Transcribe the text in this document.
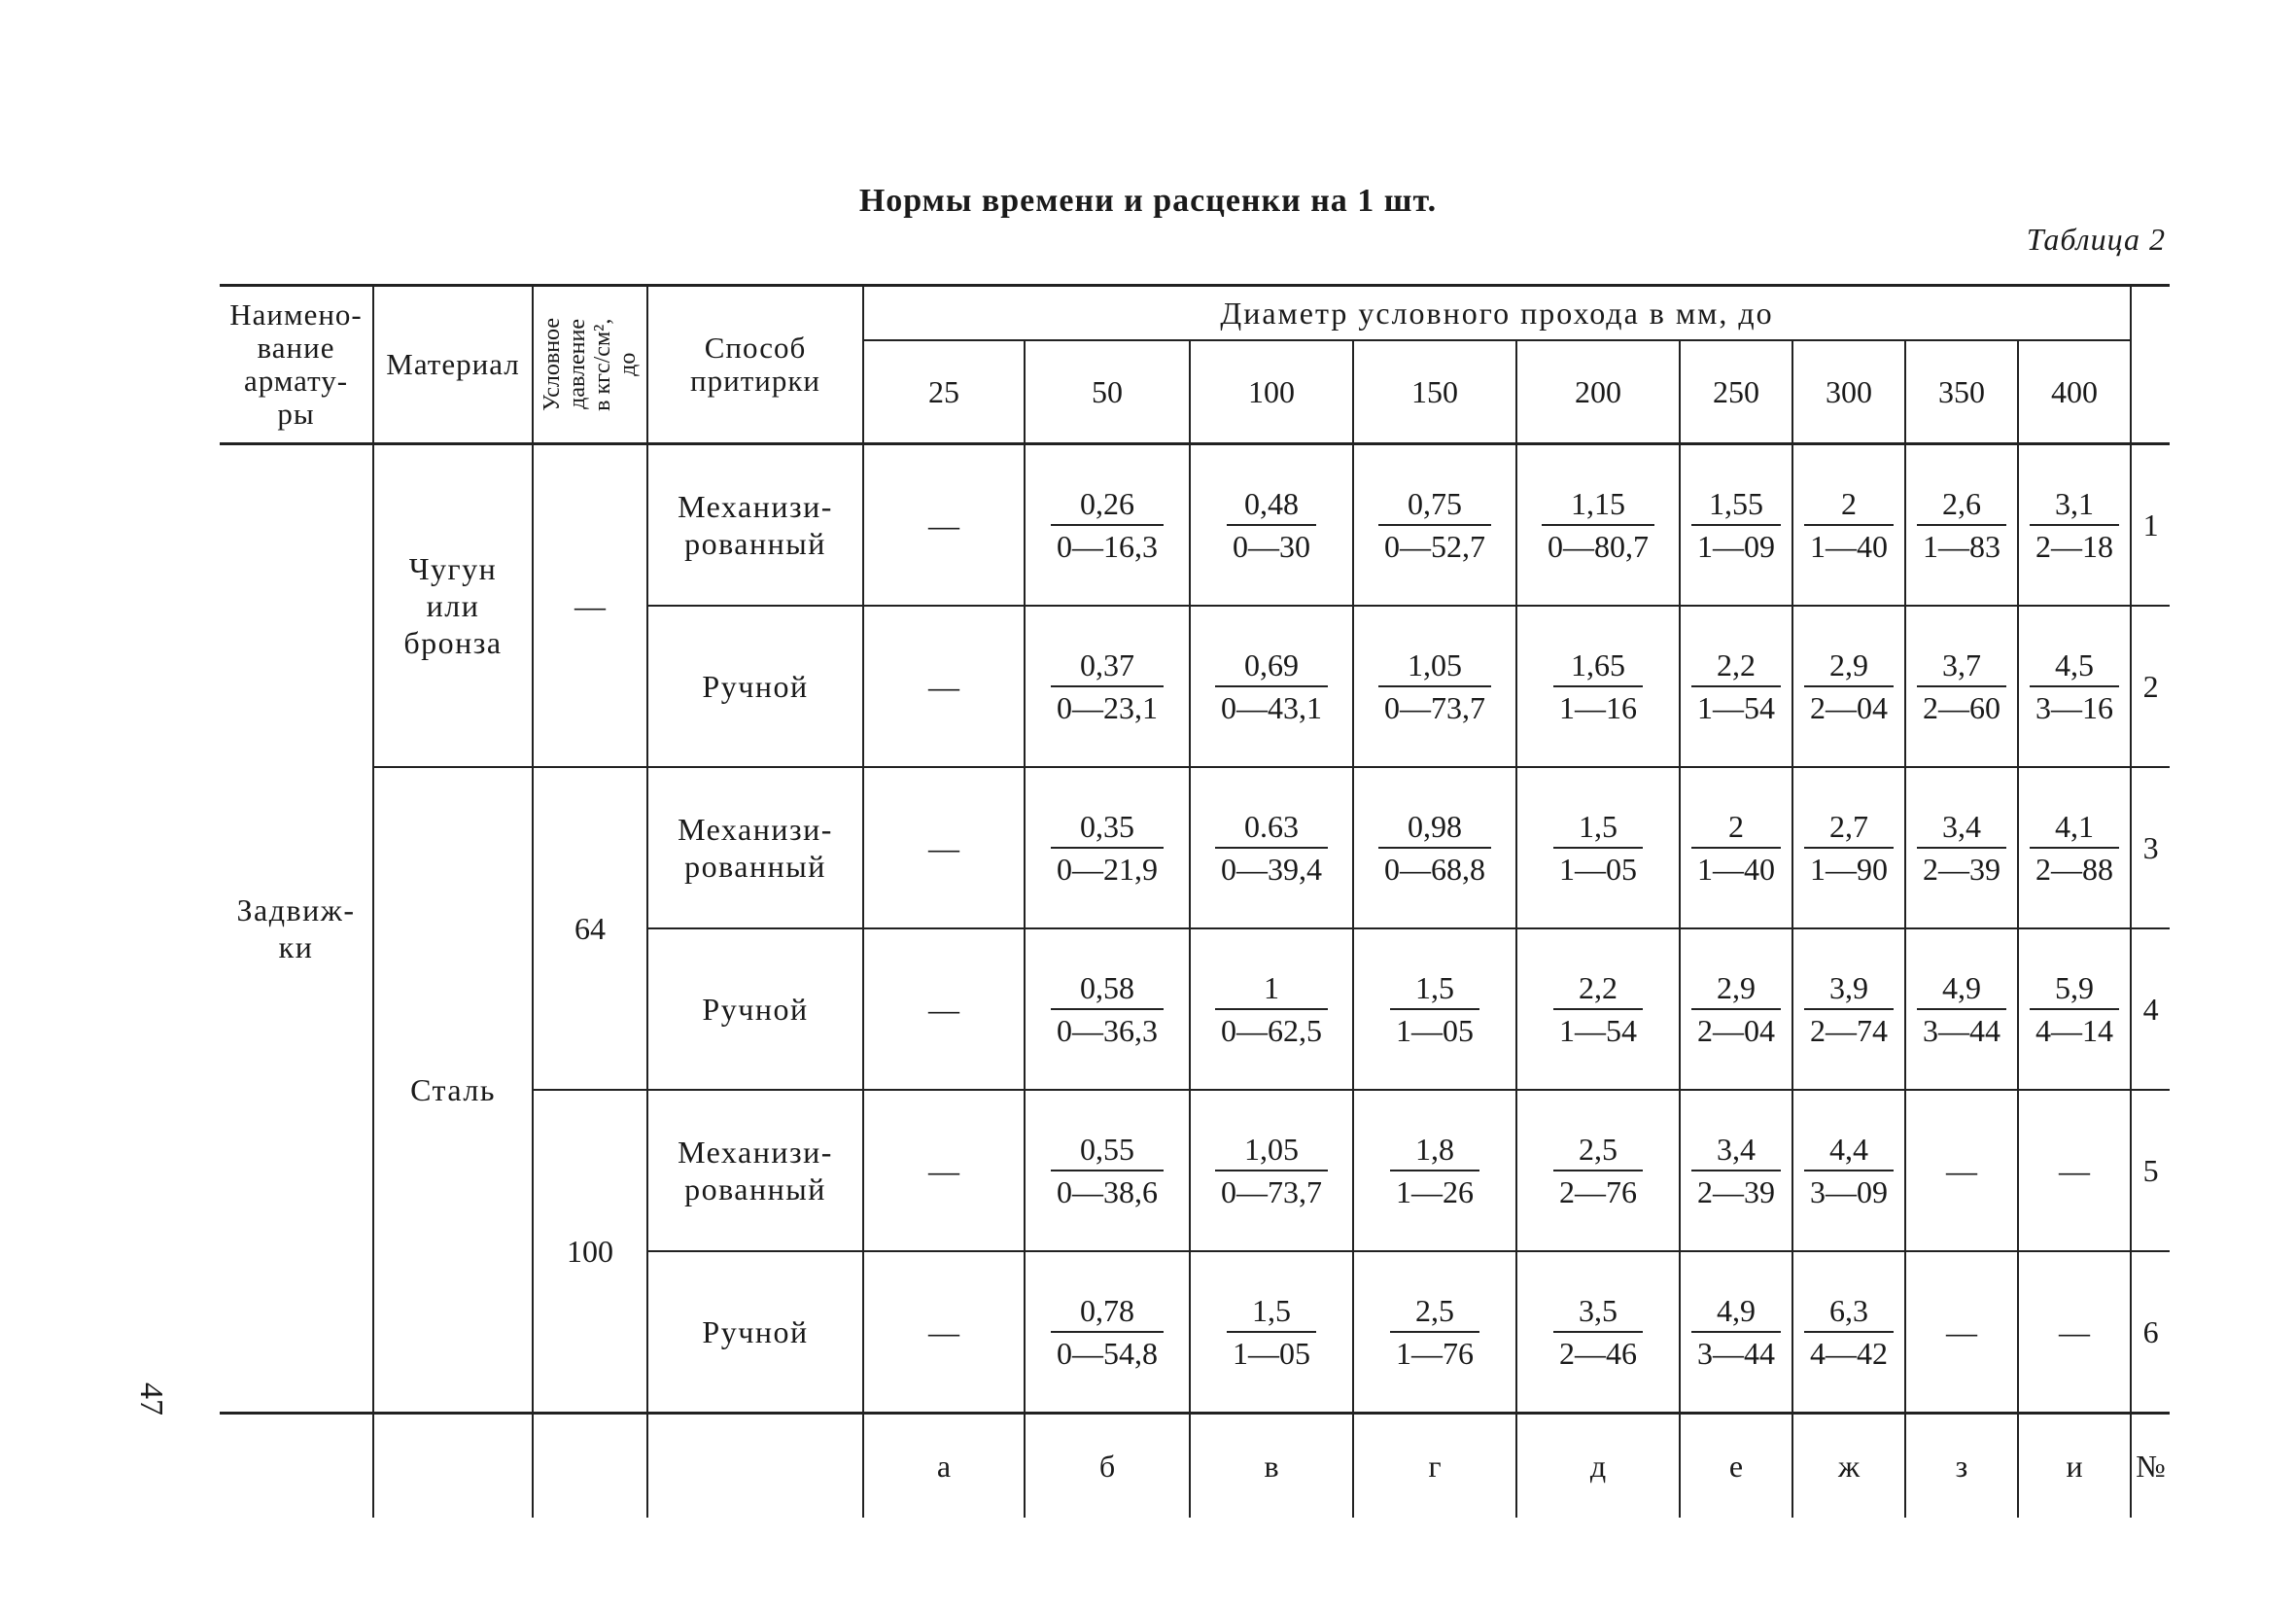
Нормы времени и расценки на 1 шт.
Таблица 2
47
Наимено-
вание
армату-
ры	Материал	Условное
давление
в кгс/см²,
до	Способ
притирки	Диаметр условного прохода в мм, до									
				25	50	100	150	200	250	300	350	400	
Задвиж-
ки	Чугун
или
бронза	—	Механизи-
рованный	—	$\frac{0,26}{0—16,3}$	$\frac{0,48}{0—30}$	$\frac{0,75}{0—52,7}$	$\frac{1,15}{0—80,7}$	$\frac{1,55}{1—09}$	$\frac{2}{1—40}$	$\frac{2,6}{1—83}$	$\frac{3,1}{2—18}$	1
			Ручной	—	$\frac{0,37}{0—23,1}$	$\frac{0,69}{0—43,1}$	$\frac{1,05}{0—73,7}$	$\frac{1,65}{1—16}$	$\frac{2,2}{1—54}$	$\frac{2,9}{2—04}$	$\frac{3,7}{2—60}$	$\frac{4,5}{3—16}$	2
	Сталь	64	Механизи-
рованный	—	$\frac{0,35}{0—21,9}$	$\frac{0.63}{0—39,4}$	$\frac{0,98}{0—68,8}$	$\frac{1,5}{1—05}$	$\frac{2}{1—40}$	$\frac{2,7}{1—90}$	$\frac{3,4}{2—39}$	$\frac{4,1}{2—88}$	3
			Ручной	—	$\frac{0,58}{0—36,3}$	$\frac{1}{0—62,5}$	$\frac{1,5}{1—05}$	$\frac{2,2}{1—54}$	$\frac{2,9}{2—04}$	$\frac{3,9}{2—74}$	$\frac{4,9}{3—44}$	$\frac{5,9}{4—14}$	4
		100	Механизи-
рованный	—	$\frac{0,55}{0—38,6}$	$\frac{1,05}{0—73,7}$	$\frac{1,8}{1—26}$	$\frac{2,5}{2—76}$	$\frac{3,4}{2—39}$	$\frac{4,4}{3—09}$	—	—	5
			Ручной	—	$\frac{0,78}{0—54,8}$	$\frac{1,5}{1—05}$	$\frac{2,5}{1—76}$	$\frac{3,5}{2—46}$	$\frac{4,9}{3—44}$	$\frac{6,3}{4—42}$	—	—	6
				а	б	в	г	д	е	ж	з	и	№
